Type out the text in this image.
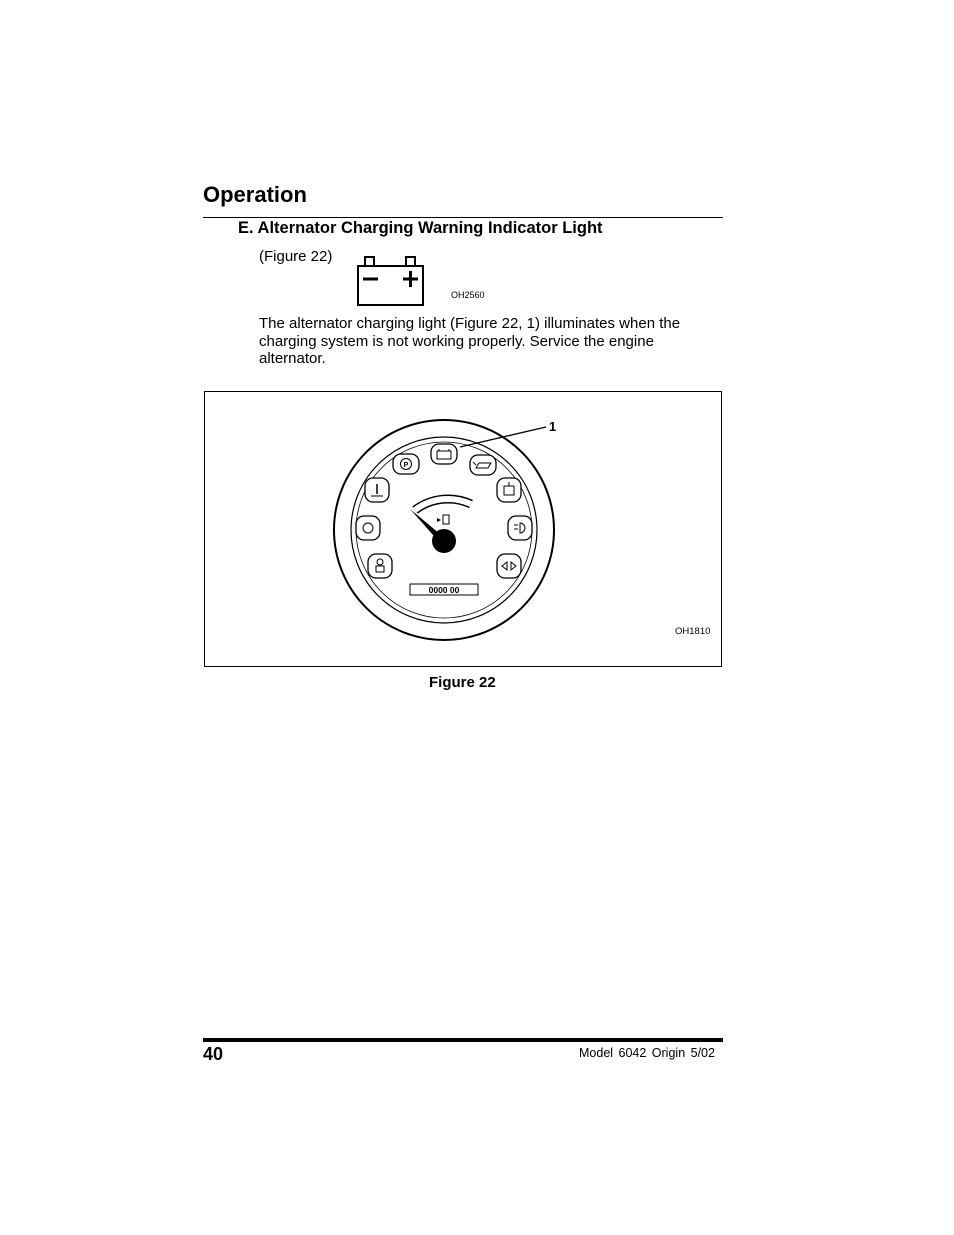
Operation
E. Alternator Charging Warning Indicator Light
(Figure 22)
OH2560
The alternator charging light (Figure 22, 1) illuminates when the charging system is not working properly. Service the engine alternator.
P
0000 00
1
OH1810
Figure 22
40	Model 6042 Origin 5/02
